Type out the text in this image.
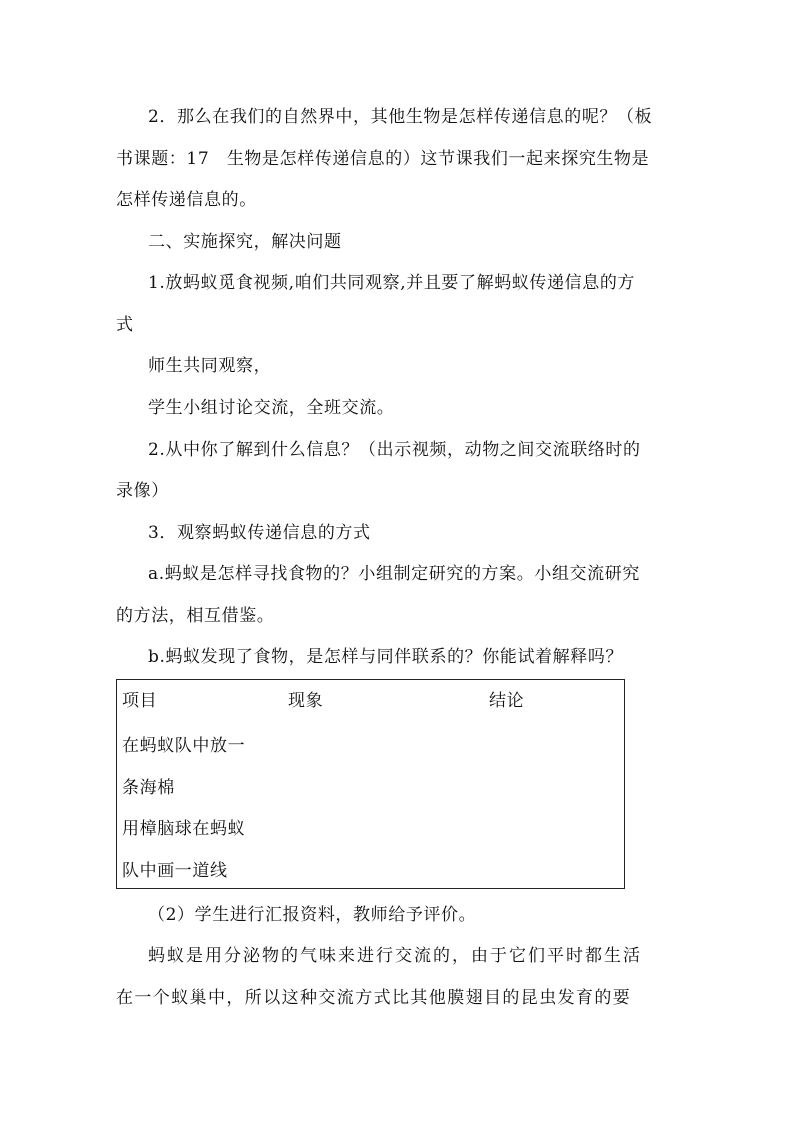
2．那么在我们的自然界中，其他生物是怎样传递信息的呢？（板
书课题：17　生物是怎样传递信息的）这节课我们一起来探究生物是
怎样传递信息的。
二、实施探究，解决问题
1.放蚂蚁觅食视频,咱们共同观察,并且要了解蚂蚁传递信息的方
式
师生共同观察，
学生小组讨论交流，全班交流。
2.从中你了解到什么信息？（出示视频，动物之间交流联络时的
录像）
3．观察蚂蚁传递信息的方式
a.蚂蚁是怎样寻找食物的？小组制定研究的方案。小组交流研究
的方法，相互借鉴。
b.蚂蚁发现了食物，是怎样与同伴联系的？你能试着解释吗？
项目	现象	结论
在蚂蚁队中放一
条海棉
用樟脑球在蚂蚁
队中画一道线
（2）学生进行汇报资料，教师给予评价。
蚂蚁是用分泌物的气味来进行交流的，由于它们平时都生活
在一个蚁巢中，所以这种交流方式比其他膜翅目的昆虫发育的要
